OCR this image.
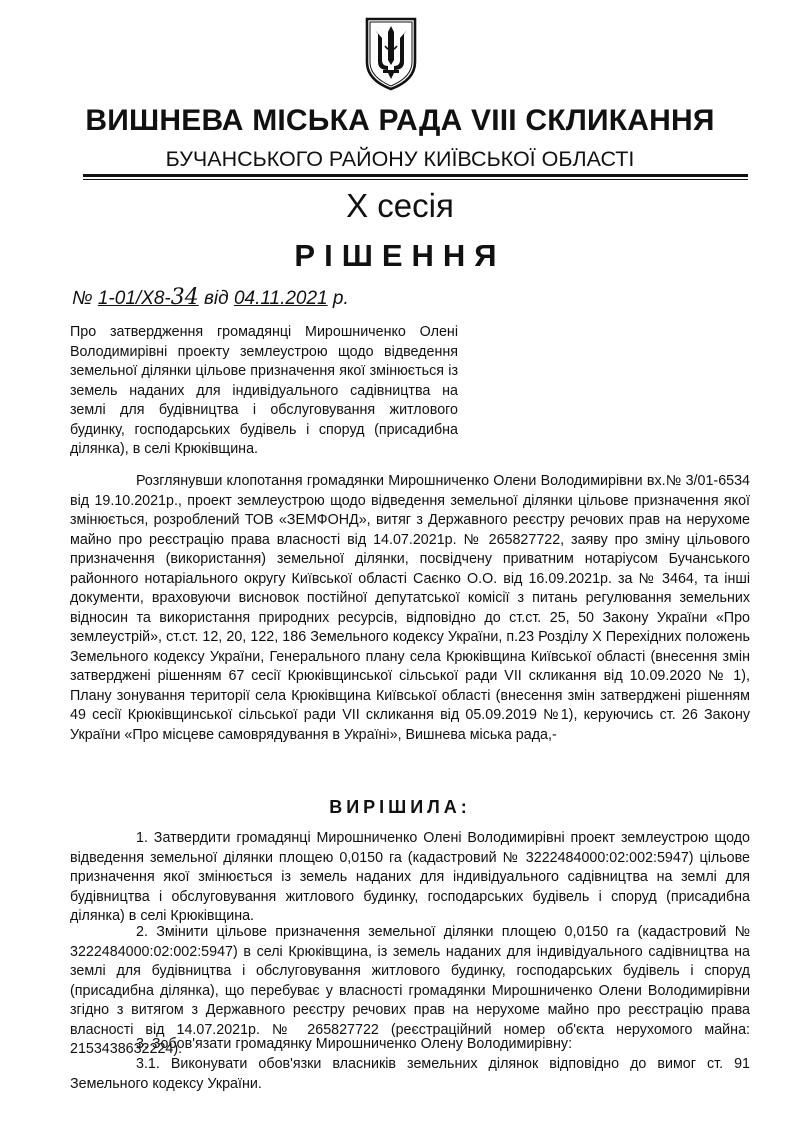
ВИШНЕВА МІСЬКА РАДА VIII СКЛИКАННЯ
БУЧАНСЬКОГО РАЙОНУ КИЇВСЬКОЇ ОБЛАСТІ
X сесія
РІШЕННЯ
№ 1-01/X8-34 від 04.11.2021 р.
Про затвердження громадянці Мирошниченко Олені Володимирівні проекту землеустрою щодо відведення земельної ділянки цільове призначення якої змінюється із земель наданих для індивідуального садівництва на землі для будівництва і обслуговування житлового будинку, господарських будівель і споруд (присадибна ділянка), в селі Крюківщина.
Розглянувши клопотання громадянки Мирошниченко Олени Володимирівни вх.№ 3/01-6534 від 19.10.2021р., проект землеустрою щодо відведення земельної ділянки цільове призначення якої змінюється, розроблений ТОВ «ЗЕМФОНД», витяг з Державного реєстру речових прав на нерухоме майно про реєстрацію права власності від 14.07.2021р. № 265827722, заяву про зміну цільового призначення (використання) земельної ділянки, посвідчену приватним нотаріусом Бучанського районного нотаріального округу Київської області Саєнко О.О. від 16.09.2021р. за № 3464, та інші документи, враховуючи висновок постійної депутатської комісії з питань регулювання земельних відносин та використання природних ресурсів, відповідно до ст.ст. 25, 50 Закону України «Про землеустрій», ст.ст. 12, 20, 122, 186 Земельного кодексу України, п.23 Розділу X Перехідних положень Земельного кодексу України, Генерального плану села Крюківщина Київської області (внесення змін затверджені рішенням 67 сесії Крюківщинської сільської ради VII скликання від 10.09.2020 № 1), Плану зонування території села Крюківщина Київської області (внесення змін затверджені рішенням 49 сесії Крюківщинської сільської ради VII скликання від 05.09.2019 №1), керуючись ст. 26 Закону України «Про місцеве самоврядування в Україні», Вишнева міська рада,-
ВИРІШИЛА:
1. Затвердити громадянці Мирошниченко Олені Володимирівні проект землеустрою щодо відведення земельної ділянки площею 0,0150 га (кадастровий № 3222484000:02:002:5947) цільове призначення якої змінюється із земель наданих для індивідуального садівництва на землі для будівництва і обслуговування житлового будинку, господарських будівель і споруд (присадибна ділянка) в селі Крюківщина.
2. Змінити цільове призначення земельної ділянки площею 0,0150 га (кадастровий № 3222484000:02:002:5947) в селі Крюківщина, із земель наданих для індивідуального садівництва на землі для будівництва і обслуговування житлового будинку, господарських будівель і споруд (присадибна ділянка), що перебуває у власності громадянки Мирошниченко Олени Володимирівни згідно з витягом з Державного реєстру речових прав на нерухоме майно про реєстрацію права власності від 14.07.2021р. № 265827722 (реєстраційний номер об'єкта нерухомого майна: 2153438632224).
3. Зобов'язати громадянку Мирошниченко Олену Володимирівну:
3.1. Виконувати обов'язки власників земельних ділянок відповідно до вимог ст. 91 Земельного кодексу України.
